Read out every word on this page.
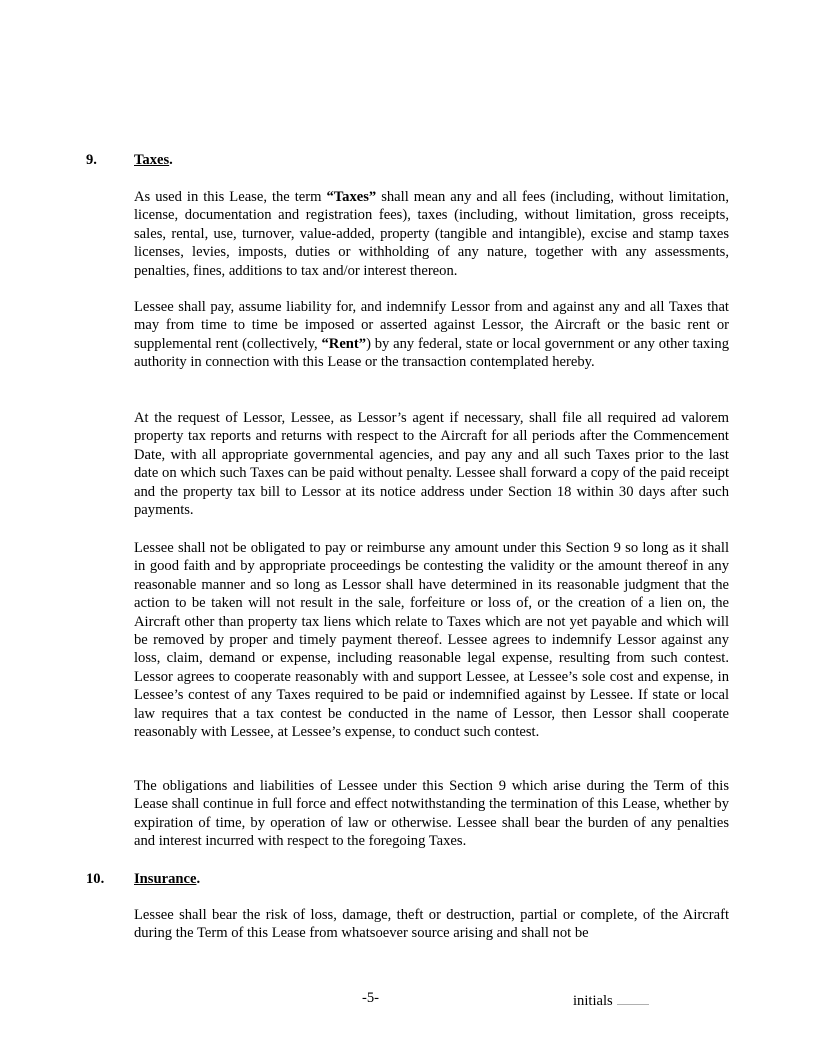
9.	Taxes.

As used in this Lease, the term “Taxes” shall mean any and all fees (including, without limitation, license, documentation and registration fees), taxes (including, without limitation, gross receipts, sales, rental, use, turnover, value-added, property (tangible and intangible), excise and stamp taxes licenses, levies, imposts, duties or withholding of any nature, together with any assessments, penalties, fines, additions to tax and/or interest thereon.

Lessee shall pay, assume liability for, and indemnify Lessor from and against any and all Taxes that may from time to time be imposed or asserted against Lessor, the Aircraft or the basic rent or supplemental rent (collectively, “Rent”) by any federal, state or local government or any other taxing authority in connection with this Lease or the transaction contemplated hereby.

At the request of Lessor, Lessee, as Lessor’s agent if necessary, shall file all required ad valorem property tax reports and returns with respect to the Aircraft for all periods after the Commencement Date, with all appropriate governmental agencies, and pay any and all such Taxes prior to the last date on which such Taxes can be paid without penalty. Lessee shall forward a copy of the paid receipt and the property tax bill to Lessor at its notice address under Section 18 within 30 days after such payments.

Lessee shall not be obligated to pay or reimburse any amount under this Section 9 so long as it shall in good faith and by appropriate proceedings be contesting the validity or the amount thereof in any reasonable manner and so long as Lessor shall have determined in its reasonable judgment that the action to be taken will not result in the sale, forfeiture or loss of, or the creation of a lien on, the Aircraft other than property tax liens which relate to Taxes which are not yet payable and which will be removed by proper and timely payment thereof. Lessee agrees to indemnify Lessor against any loss, claim, demand or expense, including reasonable legal expense, resulting from such contest. Lessor agrees to cooperate reasonably with and support Lessee, at Lessee’s sole cost and expense, in Lessee’s contest of any Taxes required to be paid or indemnified against by Lessee. If state or local law requires that a tax contest be conducted in the name of Lessor, then Lessor shall cooperate reasonably with Lessee, at Lessee’s expense, to conduct such contest.

The obligations and liabilities of Lessee under this Section 9 which arise during the Term of this Lease shall continue in full force and effect notwithstanding the termination of this Lease, whether by expiration of time, by operation of law or otherwise. Lessee shall bear the burden of any penalties and interest incurred with respect to the foregoing Taxes.

10. Insurance.

Lessee shall bear the risk of loss, damage, theft or destruction, partial or complete, of the Aircraft during the Term of this Lease from whatsoever source arising and shall not be

-5-	initials
